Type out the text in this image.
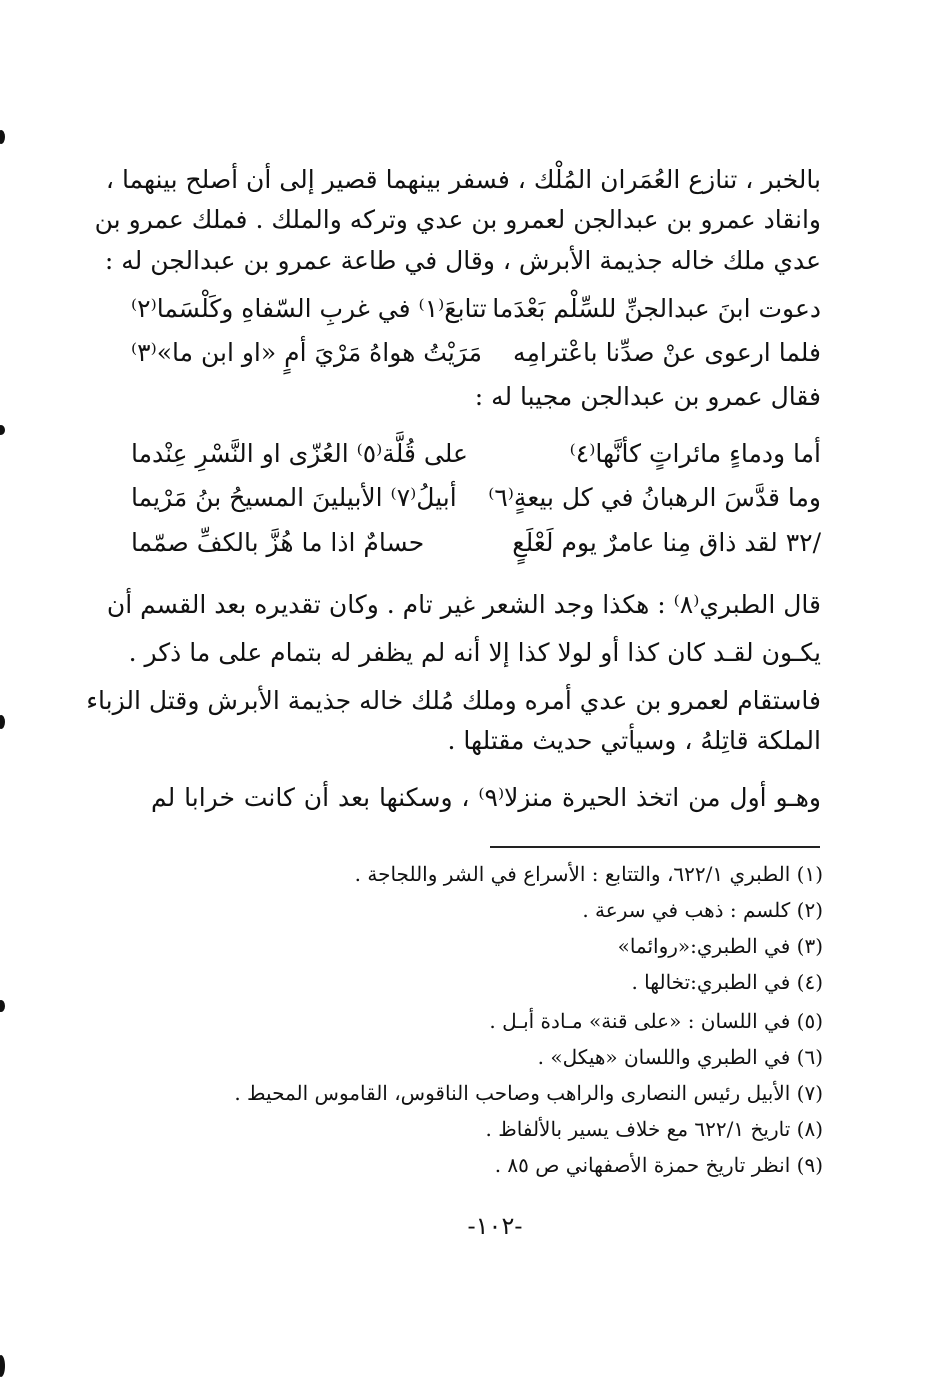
بالخبر ، تنازع العُمَران المُلْك ، فسفر بينهما قصير إلى أن أصلح بينهما ،
وانقاد عمرو بن عبدالجن لعمرو بن عدي وتركه والملك . فملك عمرو بن
عدي ملك خاله جذيمة الأبرش ، وقال في طاعة عمرو بن عبدالجن له :
دعوت ابنَ عبدالجنِّ للسِّلْم بَعْدَما
تتابعَ⁽١⁾ في غربِ السّفاهِ وكَلْسَما⁽٢⁾
فلما ارعوى عنْ صدِّنا باعْترامِه
مَرَيْتُ هواهُ مَرْيَ أمٍ «او ابن ما»⁽٣⁾
فقال عمرو بن عبدالجن مجيبا له :
أما ودماءٍ مائراتٍ كأنَّها⁽٤⁾
على قُلَّة⁽٥⁾ العُزّى او النَّسْرِ عِنْدما
وما قدَّسَ الرهبانُ في كل بيعةٍ⁽٦⁾
أبيلُ⁽٧⁾ الأبيلينَ المسيحُ بنُ مَرْيما
/٣٢ لقد ذاق مِنا عامرٌ يوم لَعْلَعٍ
حسامٌ اذا ما هُزَّ بالكفِّ صمّما
قال الطبري⁽٨⁾ : هكذا وجد الشعر غير تام . وكان تقديره بعد القسم أن
يكـون لقـد كان كذا أو لولا كذا إلا أنه لم يظفر له بتمام على ما ذكر .
فاستقام لعمرو بن عدي أمره وملك مُلك خاله جذيمة الأبرش وقتل الزباء
الملكة قاتِلهُ ، وسيأتي حديث مقتلها .
وهـو أول من اتخذ الحيرة منزلا⁽٩⁾ ، وسكنها بعد أن كانت خرابا لم
(١) الطبري ٦٢٢/١، والتتابع : الأسراع في الشر واللجاجة .
(٢) كلسم : ذهب في سرعة .
(٣) في الطبري:«روائما»
(٤) في الطبري:تخالها .
(٥) في اللسان : «على قنة» مـادة أبـل .
(٦) في الطبري واللسان «هيكل» .
(٧) الأبيل رئيس النصارى والراهب وصاحب الناقوس، القاموس المحيط .
(٨) تاريخ ٦٢٢/١ مع خلاف يسير بالألفاظ .
(٩) انظر تاريخ حمزة الأصفهاني ص ٨٥ .
-١٠٢-
